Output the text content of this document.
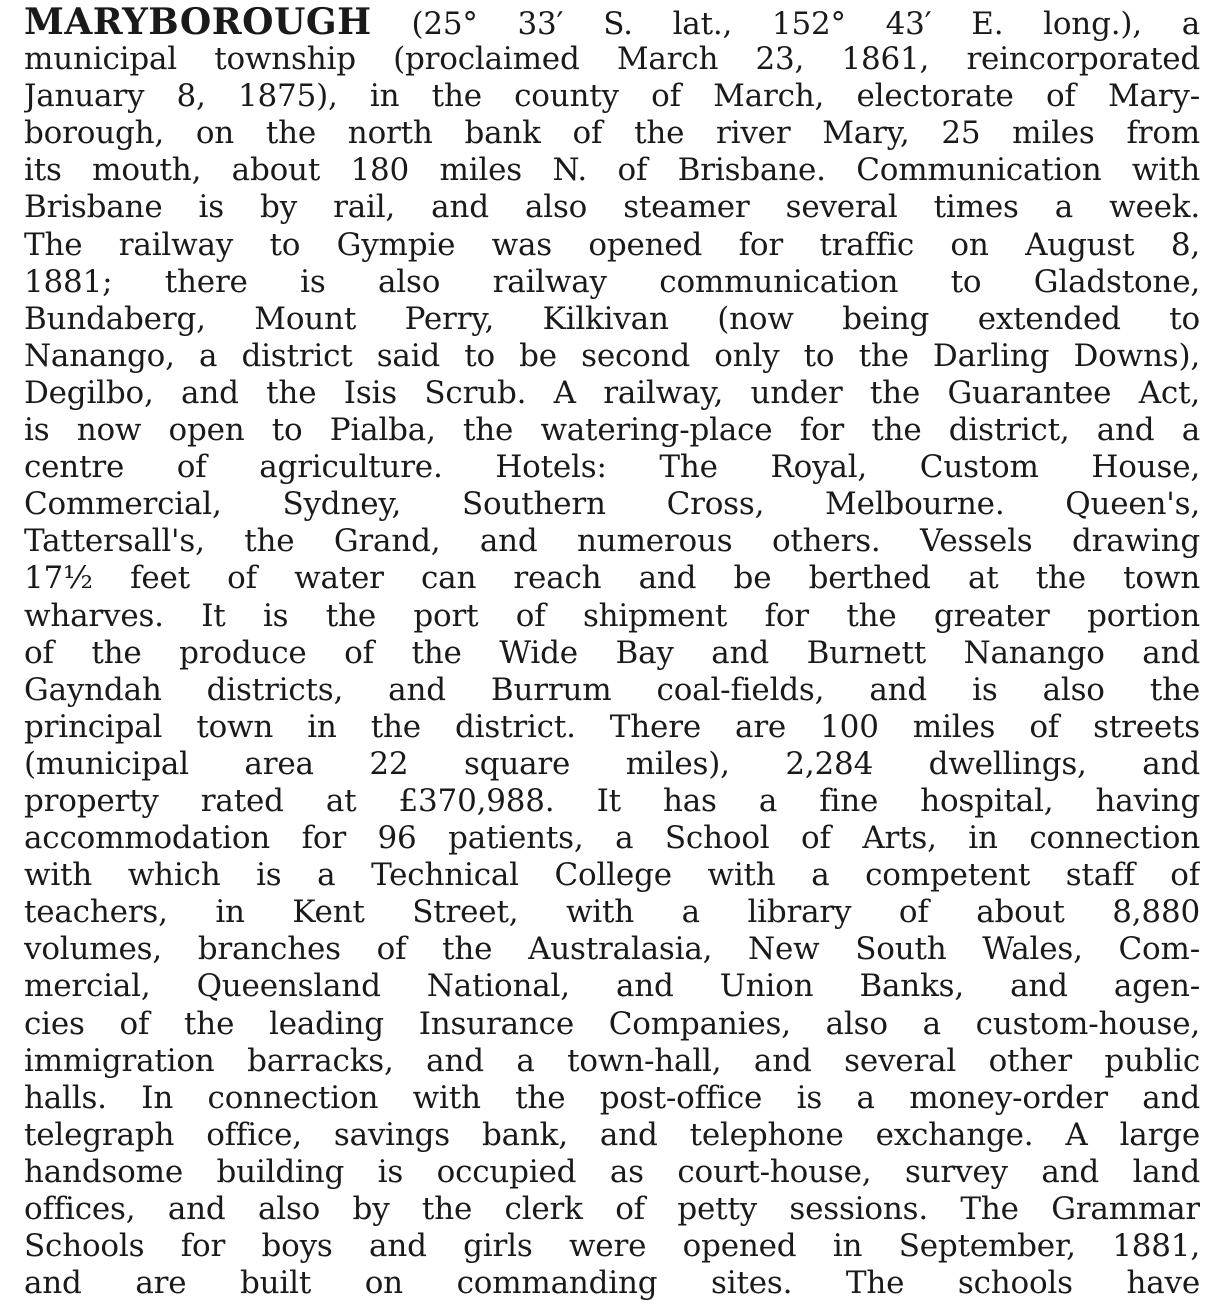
MARYBOROUGH (25° 33′ S. lat., 152° 43′ E. long.), a
municipal township (proclaimed March 23, 1861, reincorporated
January 8, 1875), in the county of March, electorate of Mary-
borough, on the north bank of the river Mary, 25 miles from
its mouth, about 180 miles N. of Brisbane. Communication with
Brisbane is by rail, and also steamer several times a week.
The railway to Gympie was opened for traffic on August 8,
1881; there is also railway communication to Gladstone,
Bundaberg, Mount Perry, Kilkivan (now being extended to
Nanango, a district said to be second only to the Darling Downs),
Degilbo, and the Isis Scrub. A railway, under the Guarantee Act,
is now open to Pialba, the watering-place for the district, and a
centre of agriculture. Hotels: The Royal, Custom House,
Commercial, Sydney, Southern Cross, Melbourne. Queen's,
Tattersall's, the Grand, and numerous others. Vessels drawing
17½ feet of water can reach and be berthed at the town
wharves. It is the port of shipment for the greater portion
of the produce of the Wide Bay and Burnett Nanango and
Gayndah districts, and Burrum coal-fields, and is also the
principal town in the district. There are 100 miles of streets
(municipal area 22 square miles), 2,284 dwellings, and
property rated at £370,988. It has a fine hospital, having
accommodation for 96 patients, a School of Arts, in connection
with which is a Technical College with a competent staff of
teachers, in Kent Street, with a library of about 8,880
volumes, branches of the Australasia, New South Wales, Com-
mercial, Queensland National, and Union Banks, and agen-
cies of the leading Insurance Companies, also a custom-house,
immigration barracks, and a town-hall, and several other public
halls. In connection with the post-office is a money-order and
telegraph office, savings bank, and telephone exchange. A large
handsome building is occupied as court-house, survey and land
offices, and also by the clerk of petty sessions. The Grammar
Schools for boys and girls were opened in September, 1881,
and are built on commanding sites. The schools have
